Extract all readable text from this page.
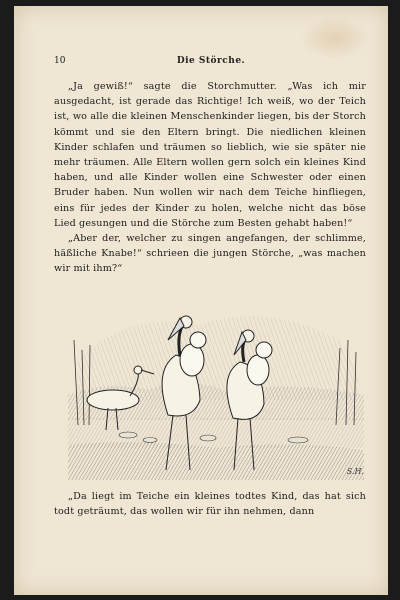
10	Die Störche.

„Ja gewiß!“ sagte die Storchmutter. „Was ich mir ausgedacht, ist gerade das Richtige! Ich weiß, wo der Teich ist, wo alle die kleinen Menschenkinder liegen, bis der Storch kömmt und sie den Eltern bringt. Die niedlichen kleinen Kinder schlafen und träumen so lieblich, wie sie später nie mehr träumen. Alle Eltern wollen gern solch ein kleines Kind haben, und alle Kinder wollen eine Schwester oder einen Bruder haben. Nun wollen wir nach dem Teiche hinfliegen, eins für jedes der Kinder zu holen, welche nicht das böse Lied gesungen und die Störche zum Besten gehabt haben!“

„Aber der, welcher zu singen angefangen, der schlimme, häßliche Knabe!“ schrieen die jungen Störche, „was machen wir mit ihm?“

S.H.

„Da liegt im Teiche ein kleines todtes Kind, das hat sich todt geträumt, das wollen wir für ihn nehmen, dann
